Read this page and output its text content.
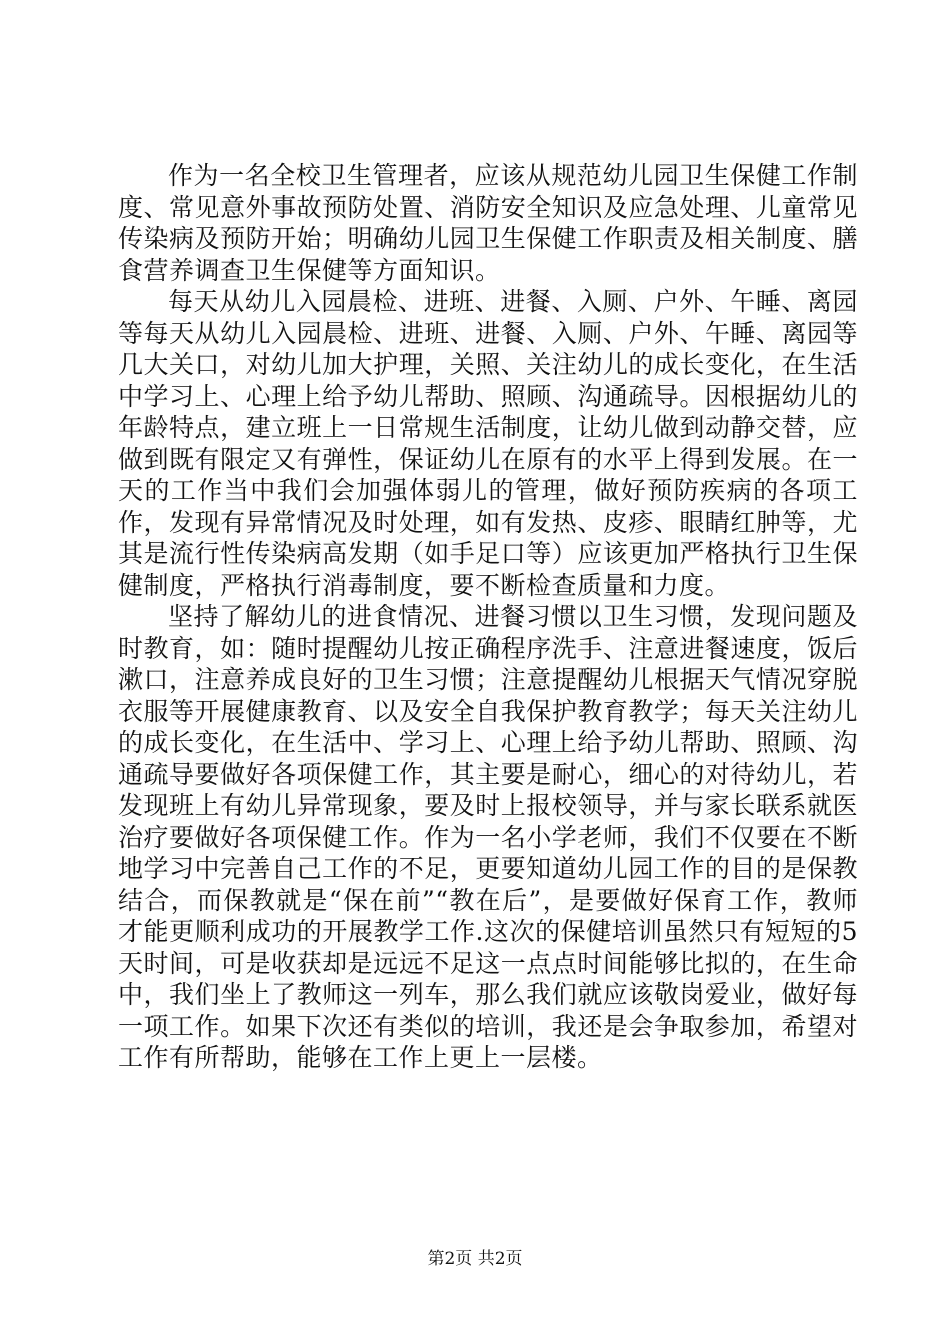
作为一名全校卫生管理者，应该从规范幼儿园卫生保健工作制度、常见意外事故预防处置、消防安全知识及应急处理、儿童常见传染病及预防开始；明确幼儿园卫生保健工作职责及相关制度、膳食营养调查卫生保健等方面知识。

每天从幼儿入园晨检、进班、进餐、入厕、户外、午睡、离园等每天从幼儿入园晨检、进班、进餐、入厕、户外、午睡、离园等几大关口，对幼儿加大护理，关照、关注幼儿的成长变化，在生活中学习上、心理上给予幼儿帮助、照顾、沟通疏导。因根据幼儿的年龄特点，建立班上一日常规生活制度，让幼儿做到动静交替，应做到既有限定又有弹性，保证幼儿在原有的水平上得到发展。在一天的工作当中我们会加强体弱儿的管理，做好预防疾病的各项工作，发现有异常情况及时处理，如有发热、皮疹、眼睛红肿等，尤其是流行性传染病高发期（如手足口等）应该更加严格执行卫生保健制度，严格执行消毒制度，要不断检查质量和力度。

坚持了解幼儿的进食情况、进餐习惯以卫生习惯，发现问题及时教育，如：随时提醒幼儿按正确程序洗手、注意进餐速度，饭后漱口，注意养成良好的卫生习惯；注意提醒幼儿根据天气情况穿脱衣服等开展健康教育、以及安全自我保护教育教学；每天关注幼儿的成长变化，在生活中、学习上、心理上给予幼儿帮助、照顾、沟通疏导要做好各项保健工作，其主要是耐心，细心的对待幼儿，若发现班上有幼儿异常现象，要及时上报校领导，并与家长联系就医治疗要做好各项保健工作。作为一名小学老师，我们不仅要在不断地学习中完善自己工作的不足，更要知道幼儿园工作的目的是保教结合，而保教就是“保在前”“教在后”，是要做好保育工作，教师才能更顺利成功的开展教学工作.这次的保健培训虽然只有短短的5天时间，可是收获却是远远不足这一点点时间能够比拟的，在生命中，我们坐上了教师这一列车，那么我们就应该敬岗爱业，做好每一项工作。如果下次还有类似的培训，我还是会争取参加，希望对工作有所帮助，能够在工作上更上一层楼。

第2页 共2页
